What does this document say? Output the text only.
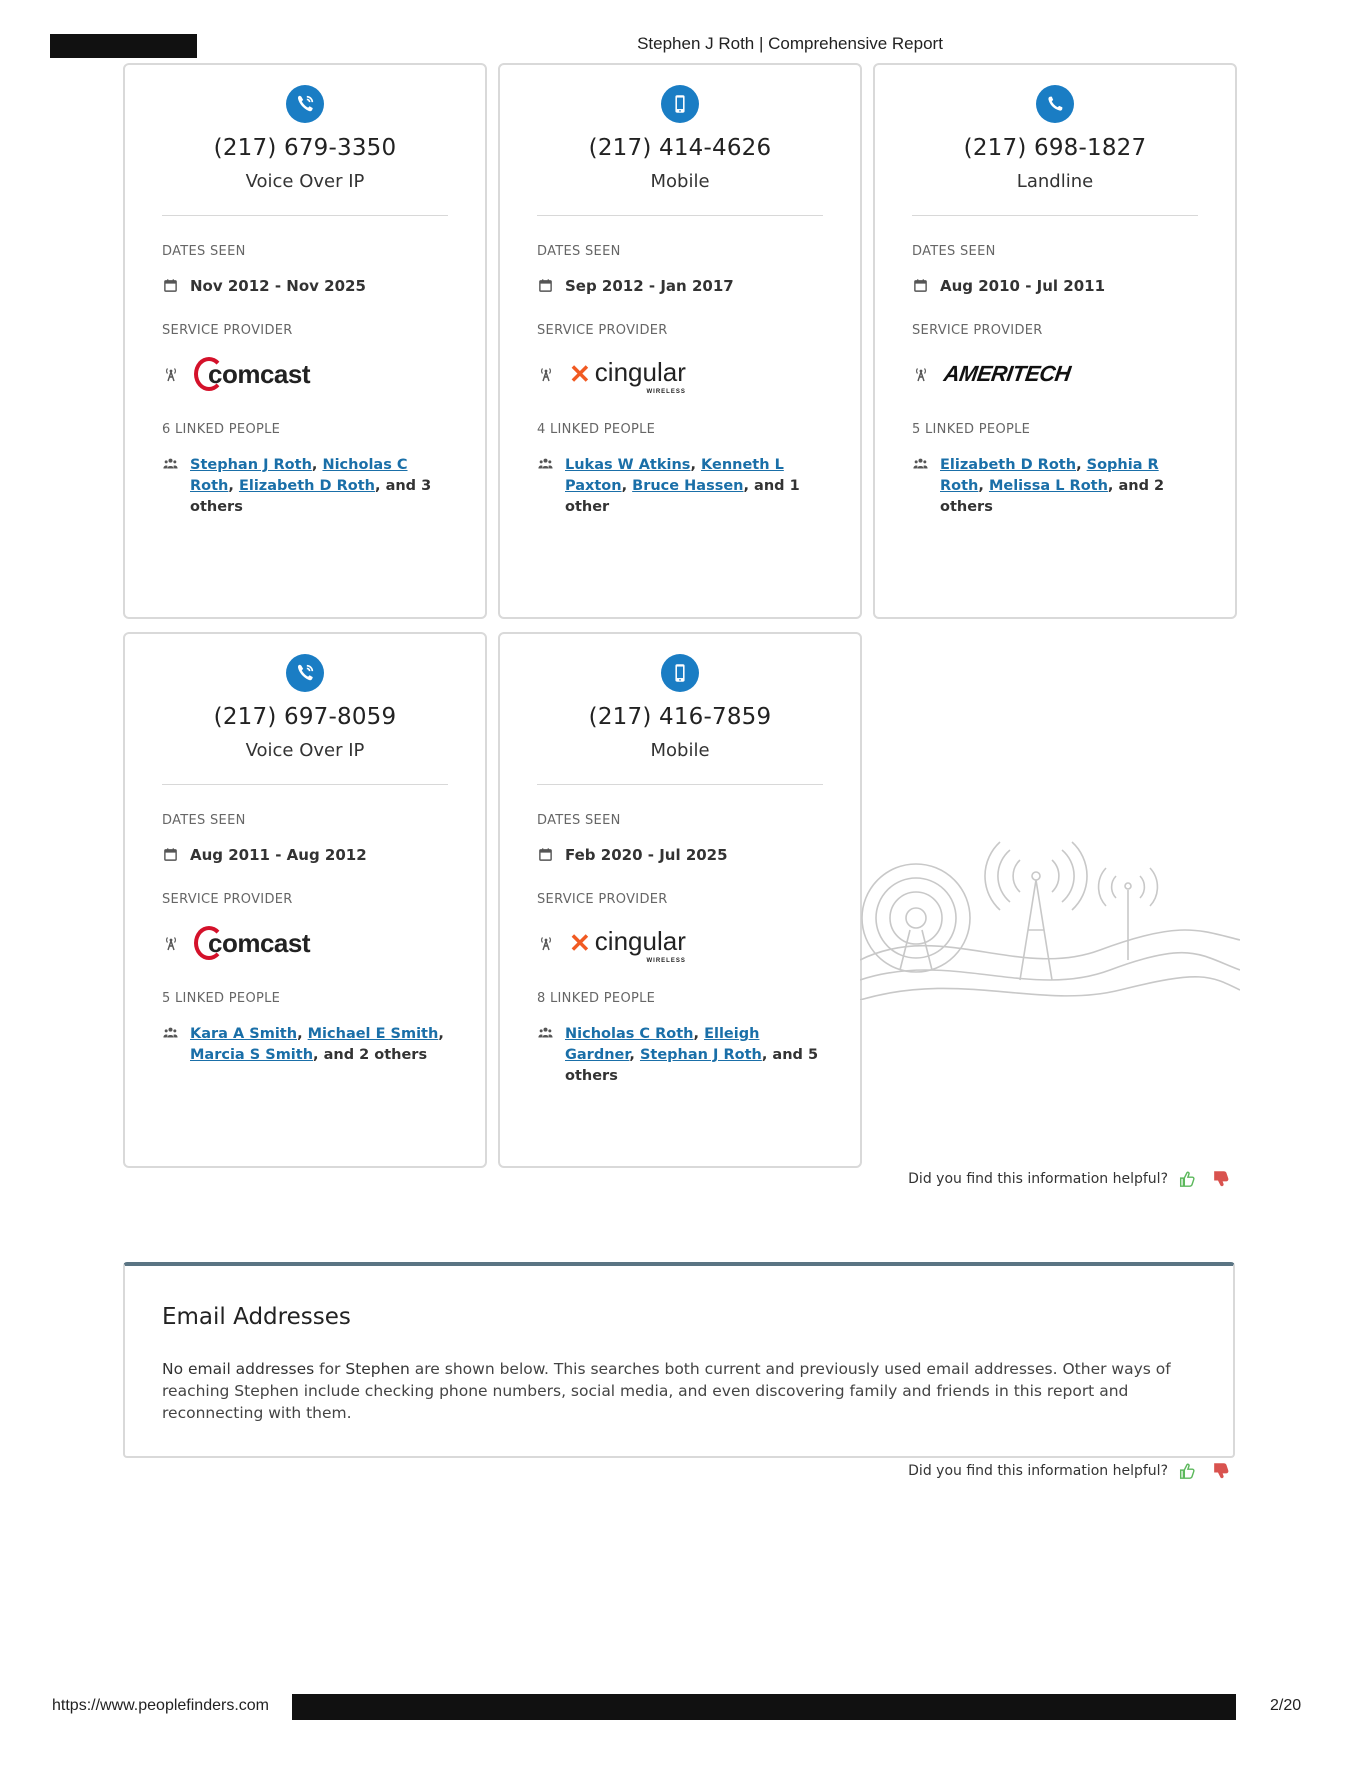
Stephen J Roth | Comprehensive Report
(217) 679-3350
Voice Over IP
DATES SEEN
Nov 2012 - Nov 2025
SERVICE PROVIDER
comcast
6 LINKED PEOPLE
Stephan J Roth, Nicholas C Roth, Elizabeth D Roth, and 3 others
(217) 414-4626
Mobile
DATES SEEN
Sep 2012 - Jan 2017
SERVICE PROVIDER
✕ cingular
WIRELESS
4 LINKED PEOPLE
Lukas W Atkins, Kenneth L Paxton, Bruce Hassen, and 1 other
(217) 698-1827
Landline
DATES SEEN
Aug 2010 - Jul 2011
SERVICE PROVIDER
AMERITECH
5 LINKED PEOPLE
Elizabeth D Roth, Sophia R Roth, Melissa L Roth, and 2 others
(217) 697-8059
Voice Over IP
DATES SEEN
Aug 2011 - Aug 2012
SERVICE PROVIDER
comcast
5 LINKED PEOPLE
Kara A Smith, Michael E Smith, Marcia S Smith, and 2 others
(217) 416-7859
Mobile
DATES SEEN
Feb 2020 - Jul 2025
SERVICE PROVIDER
✕ cingular
WIRELESS
8 LINKED PEOPLE
Nicholas C Roth, Elleigh Gardner, Stephan J Roth, and 5 others
Did you find this information helpful?
Email Addresses
No email addresses for Stephen are shown below. This searches both current and previously used email addresses. Other ways of reaching Stephen include checking phone numbers, social media, and even discovering family and friends in this report and reconnecting with them.
Did you find this information helpful?
https://www.peoplefinders.com	2/20
